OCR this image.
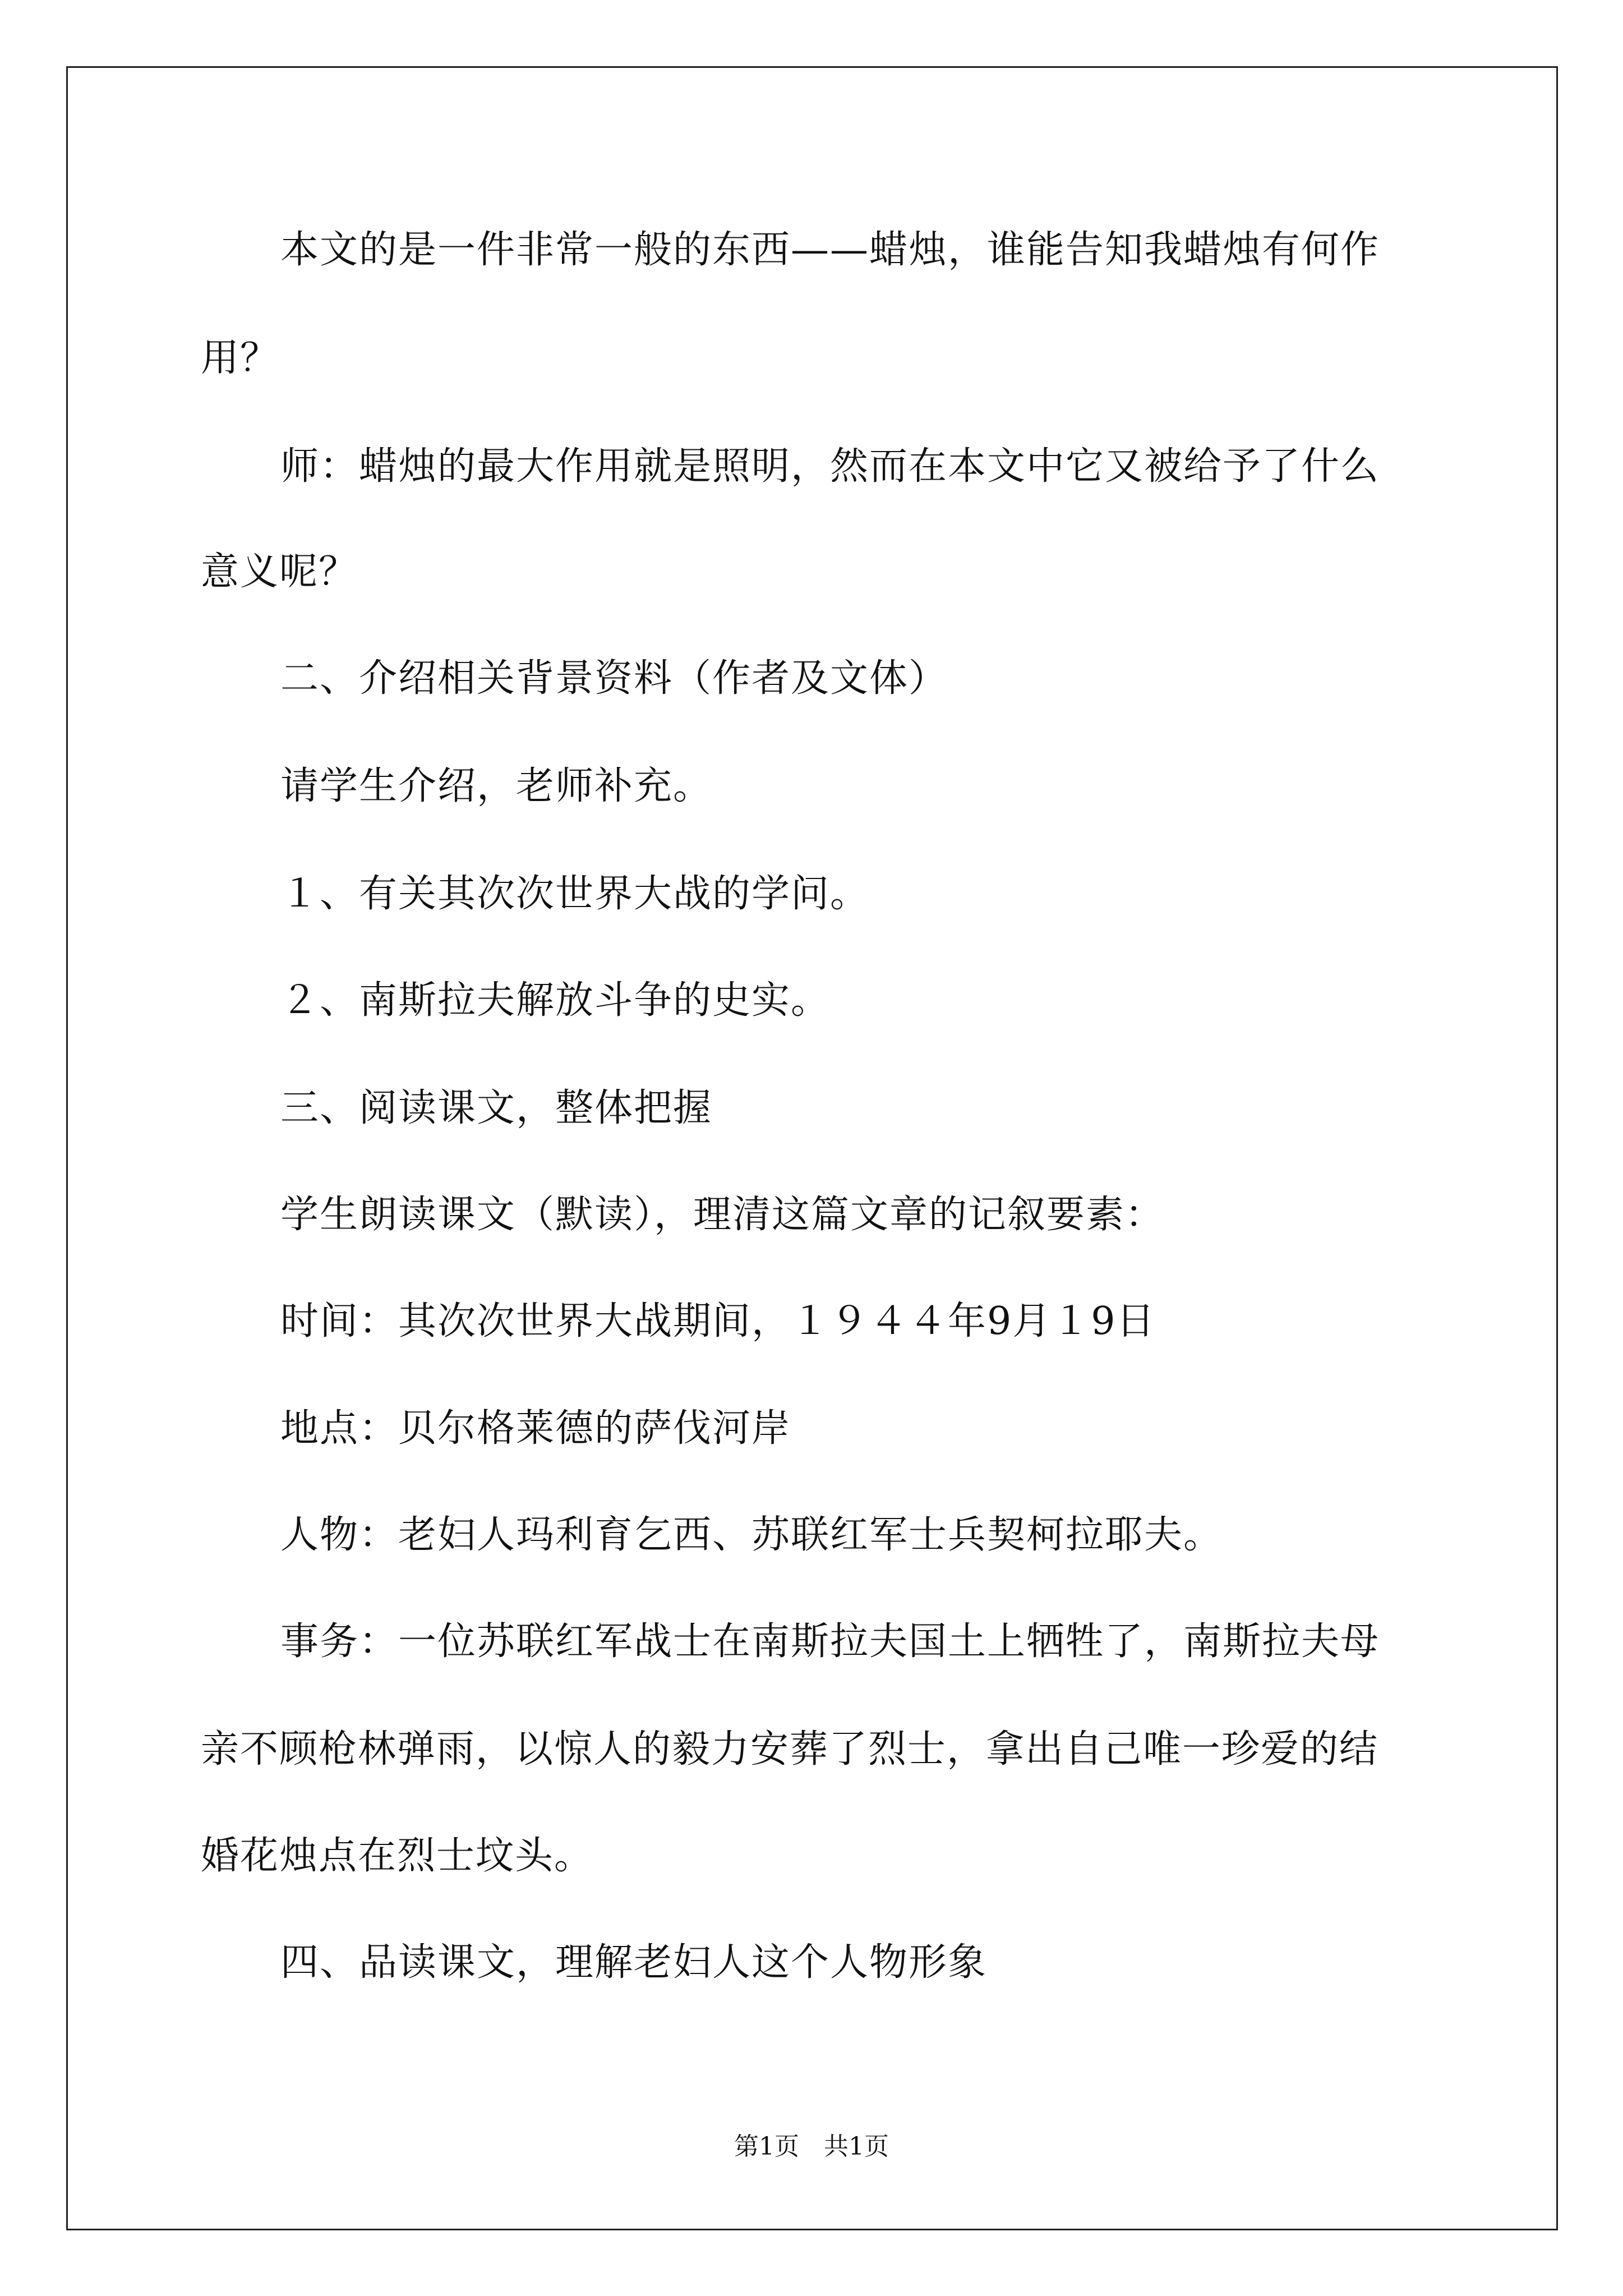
本文的是一件非常一般的东西——蜡烛，谁能告知我蜡烛有何作
用？
师：蜡烛的最大作用就是照明，然而在本文中它又被给予了什么
意义呢？
二、介绍相关背景资料（作者及文体）
请学生介绍，老师补充。
１、有关其次次世界大战的学问。
２、南斯拉夫解放斗争的史实。
三、阅读课文，整体把握
学生朗读课文（默读），理清这篇文章的记叙要素：
时间：其次次世界大战期间，１９４４年9月１9日
地点：贝尔格莱德的萨伐河岸
人物：老妇人玛利育乞西、苏联红军士兵契柯拉耶夫。
事务：一位苏联红军战士在南斯拉夫国土上牺牲了，南斯拉夫母
亲不顾枪林弹雨，以惊人的毅力安葬了烈士，拿出自己唯一珍爱的结
婚花烛点在烈士坟头。
四、品读课文，理解老妇人这个人物形象
第1页　共1页
